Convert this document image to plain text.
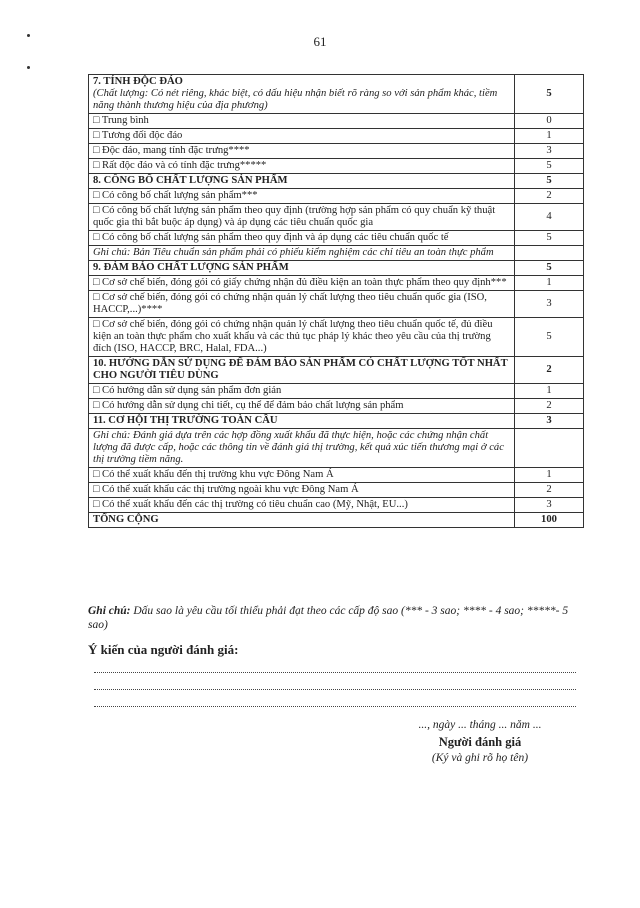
61
7. TÍNH ĐỘC ĐÁO
(Chất lượng: Có nét riêng, khác biệt, có dấu hiệu nhận biết rõ ràng so với sản phẩm khác, tiềm năng thành thương hiệu của địa phương)	5
□ Trung bình	0
□ Tương đối độc đáo	1
□ Độc đáo, mang tính đặc trưng****	3
□ Rất độc đáo và có tính đặc trưng*****	5
8. CÔNG BỐ CHẤT LƯỢNG SẢN PHẨM	5
□ Có công bố chất lượng sản phẩm***	2
□ Có công bố chất lượng sản phẩm theo quy định (trường hợp sản phẩm có quy chuẩn kỹ thuật quốc gia thì bắt buộc áp dụng) và áp dụng các tiêu chuẩn quốc gia	4
□ Có công bố chất lượng sản phẩm theo quy định và áp dụng các tiêu chuẩn quốc tế	5
Ghi chú: Bản Tiêu chuẩn sản phẩm phải có phiếu kiểm nghiệm các chỉ tiêu an toàn thực phẩm	
9. ĐẢM BẢO CHẤT LƯỢNG SẢN PHẨM	5
□ Cơ sở chế biến, đóng gói có giấy chứng nhận đủ điều kiện an toàn thực phẩm theo quy định***	1
□ Cơ sở chế biến, đóng gói có chứng nhận quản lý chất lượng theo tiêu chuẩn quốc gia (ISO, HACCP,...)****	3
□ Cơ sở chế biến, đóng gói có chứng nhận quản lý chất lượng theo tiêu chuẩn quốc tế, đủ điều kiện an toàn thực phẩm cho xuất khẩu và các thủ tục pháp lý khác theo yêu cầu của thị trường đích (ISO, HACCP, BRC, Halal, FDA...)	5
10. HƯỚNG DẪN SỬ DỤNG ĐỂ ĐẢM BẢO SẢN PHẨM CÓ CHẤT LƯỢNG TỐT NHẤT CHO NGƯỜI TIÊU DÙNG	2
□ Có hướng dẫn sử dụng sản phẩm đơn giản	1
□ Có hướng dẫn sử dụng chi tiết, cụ thể để đảm bảo chất lượng sản phẩm	2
11. CƠ HỘI THỊ TRƯỜNG TOÀN CẦU	3
Ghi chú: Đánh giá dựa trên các hợp đồng xuất khẩu đã thực hiện, hoặc các chứng nhận chất lượng đã được cấp, hoặc các thông tin về đánh giá thị trường, kết quả xúc tiến thương mại ở các thị trường tiềm năng.	
□ Có thể xuất khẩu đến thị trường khu vực Đông Nam Á	1
□ Có thể xuất khẩu các thị trường ngoài khu vực Đông Nam Á	2
□ Có thể xuất khẩu đến các thị trường có tiêu chuẩn cao (Mỹ, Nhật, EU...)	3
TỔNG CỘNG	100
Ghi chú: Dấu sao là yêu cầu tối thiểu phải đạt theo các cấp độ sao (*** - 3 sao; **** - 4 sao; *****- 5 sao)
Ý kiến của người đánh giá:
..., ngày ... tháng ... năm ...
Người đánh giá
(Ký và ghi rõ họ tên)
